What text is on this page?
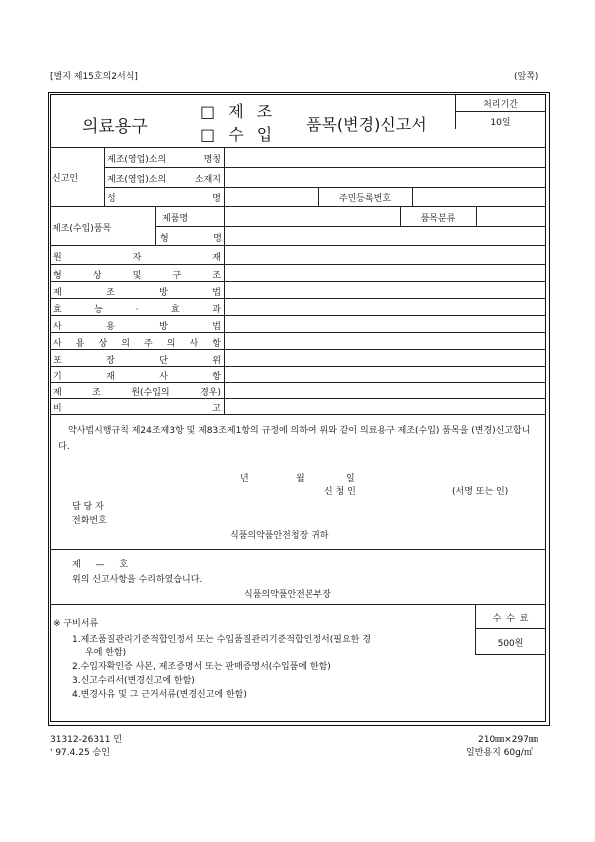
[별지 제15호의2서식]	(앞쪽)
의료용구
□ 제 조
□ 수 입
품목(변경)신고서
처리기간
10일
신고인
제조(영업)소의 명칭
제조(영업)소의 소재지
성 명	주민등록번호
제조(수입)품목
제품명	품목분류
형 명
원 자 재
형 상 및 구 조
제 조 방 법
효 능 · 효 과
사 용 방 법
사 용 상 의 주 의 사 항
포 장 단 위
기 재 사 항
제 조 원(수입의 경우)
비 고
약사법시행규칙 제24조제3항 및 제83조제1항의 규정에 의하여 위와 같이 의료용구 제조(수입) 품목을 (변경)신고합니다.
년	월	일
신 청 인	(서명 또는 인)
담 당 자
전화번호
식품의약품안전청장 귀하
제 — 호
위의 신고사항을 수리하였습니다.
식품의약품안전본부장
※ 구비서류
1.제조품질관리기준적합인정서 또는 수입품질관리기준적합인정서(필요한 경
우에 한함)
2.수입자확인증 사본, 제조증명서 또는 판매증명서(수입품에 한함)
3.신고수리서(변경신고에 한함)
4.변경사유 및 그 근거서류(변경신고에 한함)
수 수 료
500원
31312-26311 민
' 97.4.25 승인
210㎜×297㎜
일반용지 60g/㎡
